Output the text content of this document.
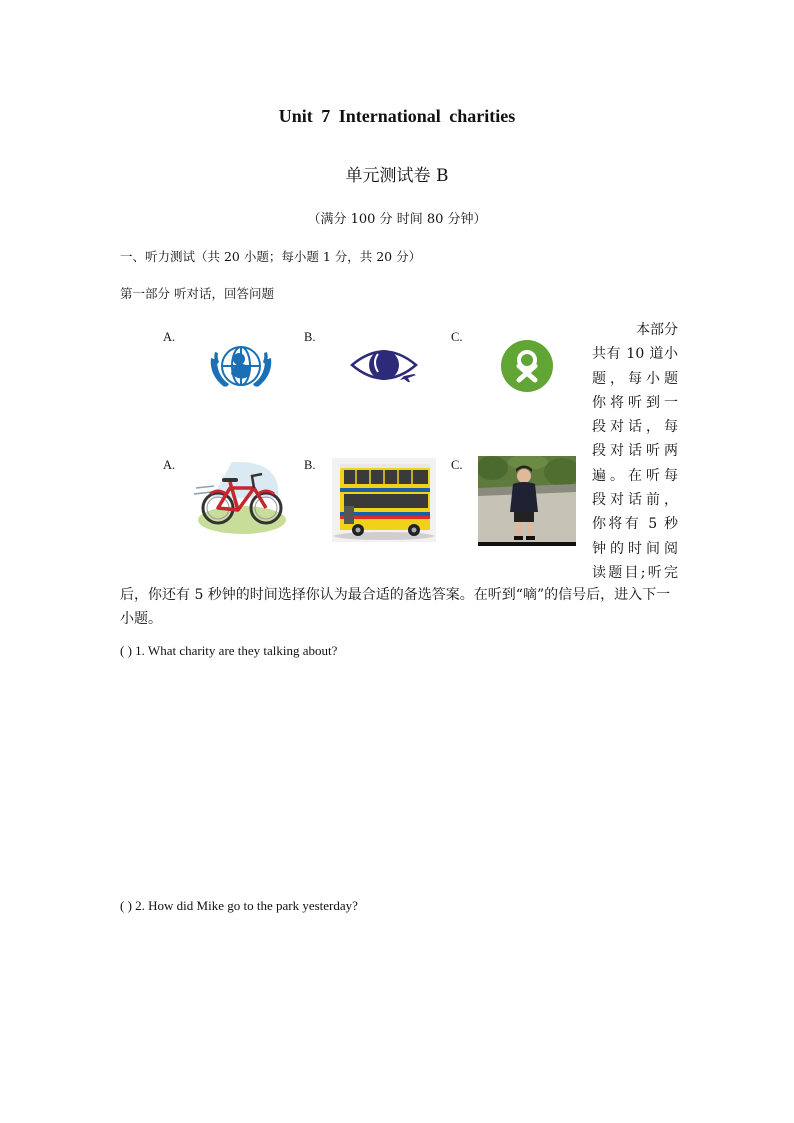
Unit 7 International charities
单元测试卷 B
（满分 100 分 时间 80 分钟）
一、听力测试（共 20 小题；每小题 1 分，共 20 分）
第一部分 听对话，回答问题
A.	B.	C.	本部分
共有 10 道小
题，每小题
你将听到一
段对话，每
段对话听两
遍。在听每
段对话前，
你将有 5 秒
钟的时间阅
读题目;听完
A.	B.	C.
后，你还有 5 秒钟的时间选择你认为最合适的备选答案。在听到“嘀”的信号后，进入下一
小题。
( ) 1. What charity are they talking about?
( ) 2. How did Mike go to the park yesterday?
